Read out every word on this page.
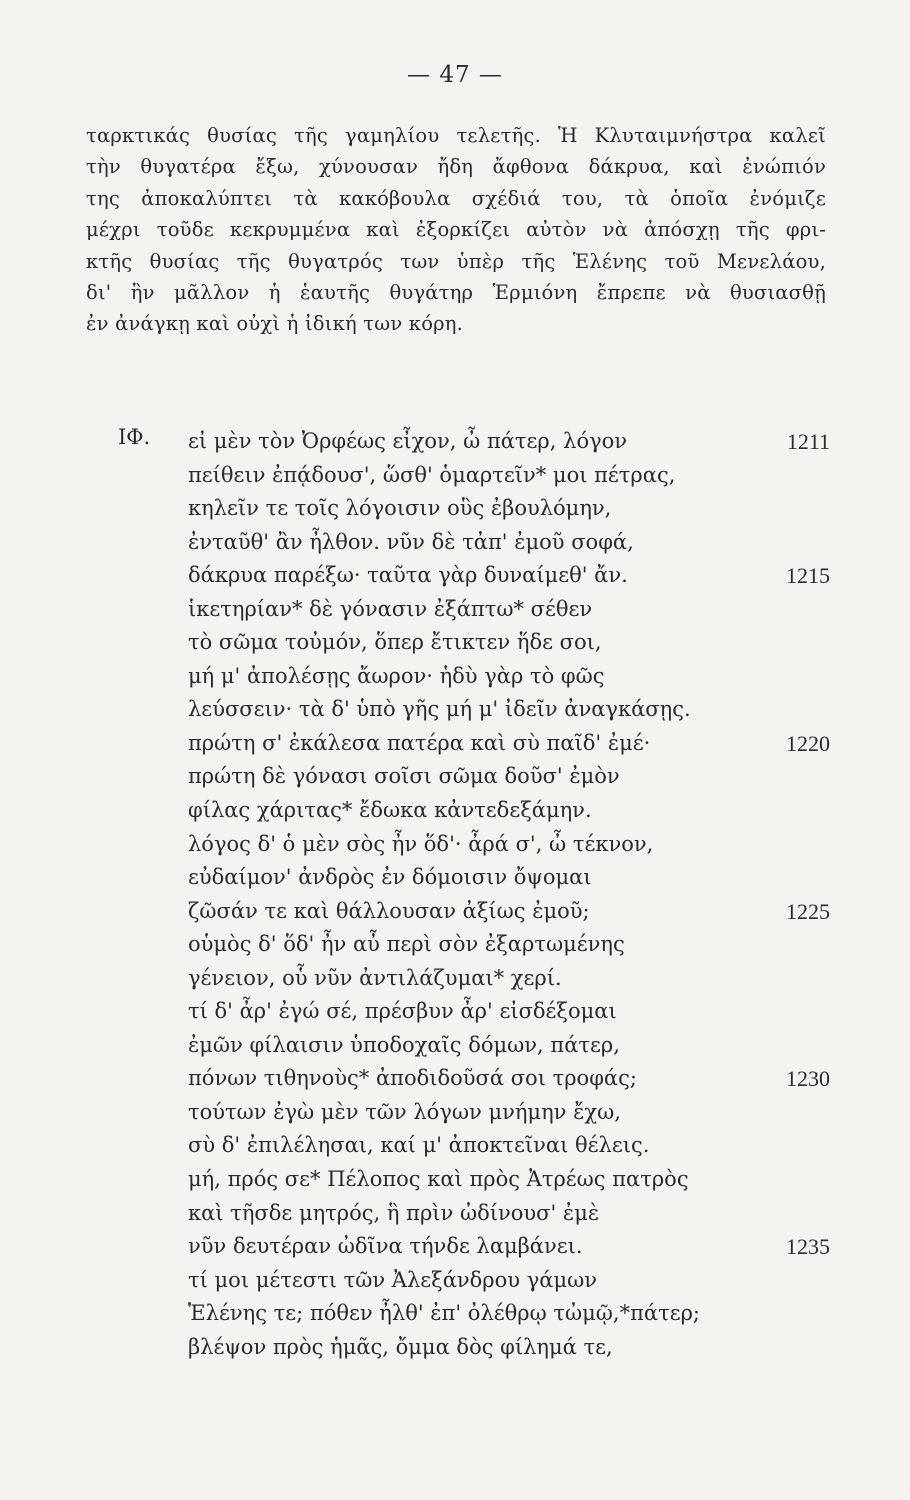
— 47 —
ταρκτικάς θυσίας τῆς γαμηλίου τελετῆς. Ἡ Κλυταιμνήστρα καλεῖ
τὴν θυγατέρα ἔξω, χύνουσαν ἤδη ἄφθονα δάκρυα, καὶ ἐνώπιόν
της ἀποκαλύπτει τὰ κακόβουλα σχέδιά του, τὰ ὁποῖα ἐνόμιζε
μέχρι τοῦδε κεκρυμμένα καὶ ἐξορκίζει αὐτὸν νὰ ἀπόσχῃ τῆς φρι-
κτῆς θυσίας τῆς θυγατρός των ὑπὲρ τῆς Ἑλένης τοῦ Μενελάου,
δι' ἣν μᾶλλον ἡ ἑαυτῆς θυγάτηρ Ἑρμιόνη ἔπρεπε νὰ θυσιασθῇ
ἐν ἀνάγκῃ καὶ οὐχὶ ἡ ἰδική των κόρη.
ΙΦ. εἰ μὲν τὸν Ὀρφέως εἶχον, ὦ πάτερ, λόγον
πείθειν ἐπᾴδουσ', ὥσθ' ὁμαρτεῖν* μοι πέτρας,
κηλεῖν τε τοῖς λόγοισιν οὓς ἐβουλόμην,
ἐνταῦθ' ἂν ἦλθον. νῦν δὲ τἀπ' ἐμοῦ σοφά,
δάκρυα παρέξω· ταῦτα γὰρ δυναίμεθ' ἄν.
ἱκετηρίαν* δὲ γόνασιν ἐξάπτω* σέθεν
τὸ σῶμα τοὐμόν, ὅπερ ἔτικτεν ἥδε σοι,
μή μ' ἀπολέσῃς ἄωρον· ἡδὺ γὰρ τὸ φῶς
λεύσσειν· τὰ δ' ὑπὸ γῆς μή μ' ἰδεῖν ἀναγκάσῃς.
πρώτη σ' ἐκάλεσα πατέρα καὶ σὺ παῖδ' ἐμέ·
πρώτη δὲ γόνασι σοῖσι σῶμα δοῦσ' ἐμὸν
φίλας χάριτας* ἔδωκα κἀντεδεξάμην.
λόγος δ' ὁ μὲν σὸς ἦν ὅδ'· ἆρά σ', ὦ τέκνον,
εὐδαίμον' ἀνδρὸς ἐν δόμοισιν ὄψομαι
ζῶσάν τε καὶ θάλλουσαν ἀξίως ἐμοῦ;
οὑμὸς δ' ὅδ' ἦν αὖ περὶ σὸν ἐξαρτωμένης
γένειον, οὗ νῦν ἀντιλάζυμαι* χερί.
τί δ' ἆρ' ἐγώ σέ, πρέσβυν ἆρ' εἰσδέξομαι
ἐμῶν φίλαισιν ὑποδοχαῖς δόμων, πάτερ,
πόνων τιθηνοὺς* ἀποδιδοῦσά σοι τροφάς;
τούτων ἐγὼ μὲν τῶν λόγων μνήμην ἔχω,
σὺ δ' ἐπιλέλησαι, καί μ' ἀποκτεῖναι θέλεις.
μή, πρός σε* Πέλοπος καὶ πρὸς Ἀτρέως πατρὸς
καὶ τῆσδε μητρός, ἣ πρὶν ὠδίνουσ' ἐμὲ
νῦν δευτέραν ὠδῖνα τήνδε λαμβάνει.
τί μοι μέτεστι τῶν Ἀλεξάνδρου γάμων
Ἑλένης τε; πόθεν ἦλθ' ἐπ' ὀλέθρῳ τὠμῷ,*πάτερ;
βλέψον πρὸς ἡμᾶς, ὄμμα δὸς φίλημά τε,
1211
1215
1220
1225
1230
1235
